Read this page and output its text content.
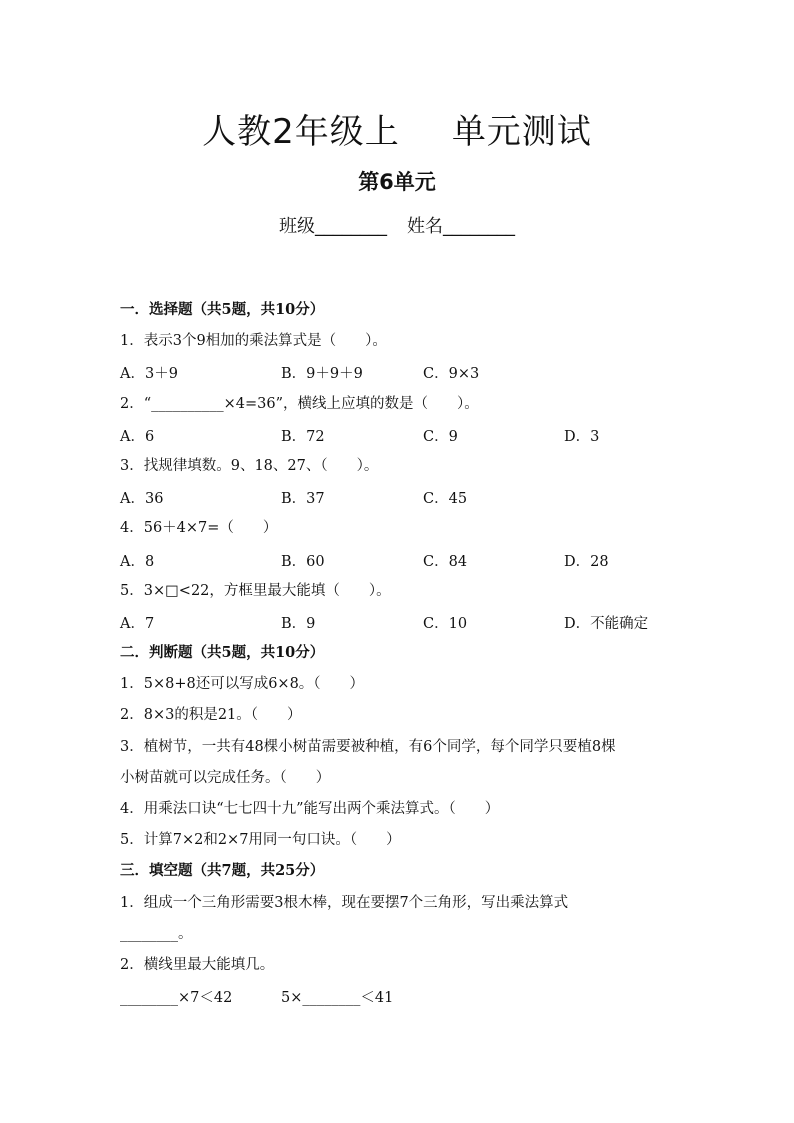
人教2年级上 单元测试
第6单元
班级________ 姓名________
一．选择题（共5题，共10分）
1．表示3个9相加的乘法算式是（　　）。
A．3＋9	B．9＋9＋9	C．9×3
2．“__________×4=36”，横线上应填的数是（　　）。
A．6	B．72	C．9	D．3
3．找规律填数。9、18、27、（　　）。
A．36	B．37	C．45
4．56＋4×7=（　　）
A．8	B．60	C．84	D．28
5．3×□<22，方框里最大能填（　　）。
A．7	B．9	C．10	D．不能确定
二．判断题（共5题，共10分）
1．5×8+8还可以写成6×8。（　　）
2．8×3的积是21。（　　）
3．植树节，一共有48棵小树苗需要被种植，有6个同学，每个同学只要植8棵
小树苗就可以完成任务。（　　）
4．用乘法口诀“七七四十九”能写出两个乘法算式。（　　）
5．计算7×2和2×7用同一句口诀。（　　）
三．填空题（共7题，共25分）
1．组成一个三角形需要3根木棒，现在要摆7个三角形，写出乘法算式
________。
2．横线里最大能填几。
________×7＜42	5×________＜41
